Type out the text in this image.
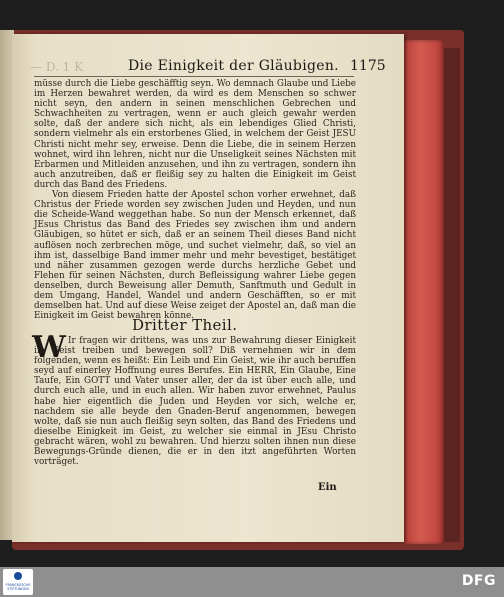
— D. 1 K	Die Einigkeit der Gläubigen. 1175

müsse durch die Liebe geschäfftig seyn. Wo demnach Glaube und Liebe im Herzen bewahret werden, da wird es dem Menschen so schwer nicht seyn, den andern in seinen menschlichen Gebrechen und Schwachheiten zu vertragen, wenn er auch gleich gewahr werden solte, daß der andere sich nicht, als ein lebendiges Glied Christi, sondern vielmehr als ein erstorbenes Glied, in welchem der Geist JESU Christi nicht mehr sey, erweise. Denn die Liebe, die in seinem Herzen wohnet, wird ihn lehren, nicht nur die Unseligkeit seines Nächsten mit Erbarmen und Mitleiden anzusehen, und ihn zu vertragen, sondern ihn auch anzutreiben, daß er fleißig sey zu halten die Einigkeit im Geist durch das Band des Friedens.

Von diesem Frieden hatte der Apostel schon vorher erwehnet, daß Christus der Friede worden sey zwischen Juden und Heyden, und nun die Scheide-Wand weggethan habe. So nun der Mensch erkennet, daß JEsus Christus das Band des Friedes sey zwischen ihm und andern Gläubigen, so hütet er sich, daß er an seinem Theil dieses Band nicht auflösen noch zerbrechen möge, und suchet vielmehr, daß, so viel an ihm ist, dasselbige Band immer mehr und mehr bevestiget, bestätiget und näher zusammen gezogen werde durchs herzliche Gebet und Flehen für seinen Nächsten, durch Befleissigung wahrer Liebe gegen denselben, durch Beweisung aller Demuth, Sanftmuth und Gedult in dem Umgang, Handel, Wandel und andern Geschäfften, so er mit demselben hat. Und auf diese Weise zeiget der Apostel an, daß man die Einigkeit im Geist bewahren könne.

Dritter Theil.
W Ir fragen wir drittens, was uns zur Bewahrung dieser Einigkeit im Geist treiben und bewegen soll? Diß vernehmen wir in dem folgenden, wenn es heißt: Ein Leib und Ein Geist, wie ihr auch beruffen seyd auf einerley Hoffnung eures Berufes. Ein HERR, Ein Glaube, Eine Taufe, Ein GOTT und Vater unser aller, der da ist über euch alle, und durch euch alle, und in euch allen. Wir haben zuvor erwehnet, Paulus habe hier eigentlich die Juden und Heyden vor sich, welche er, nachdem sie alle beyde den Gnaden-Beruf angenommen, bewegen wolte, daß sie nun auch fleißig seyn solten, das Band des Friedens und dieselbe Einigkeit im Geist, zu welcher sie einmal in JEsu Christo gebracht wären, wohl zu bewahren. Und hierzu solten ihnen nun diese Bewegungs-Gründe dienen, die er in den itzt angeführten Worten vorträget.
Ein
FRANCKESCHE STIFTUNGEN	DFG
